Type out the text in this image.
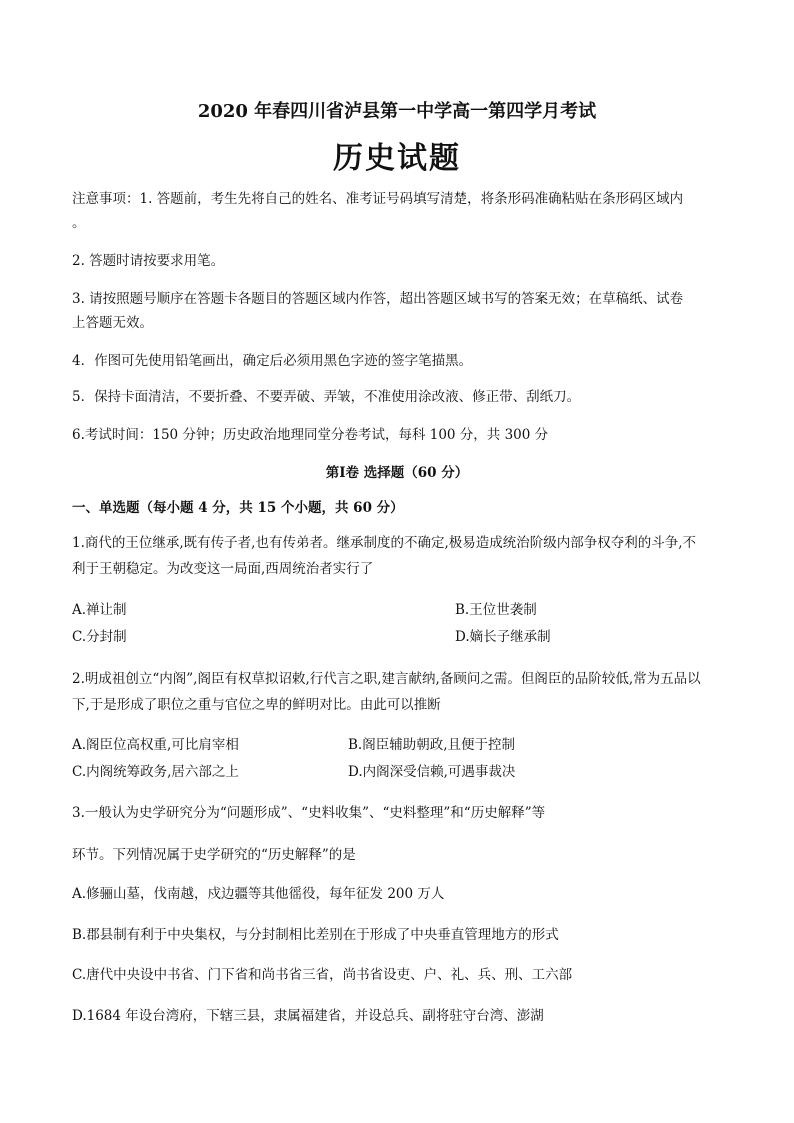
2020 年春四川省泸县第一中学高一第四学月考试
历史试题
注意事项：1. 答题前，考生先将自己的姓名、准考证号码填写清楚，将条形码准确粘贴在条形码区域内
。
2. 答题时请按要求用笔。
3. 请按照题号顺序在答题卡各题目的答题区域内作答，超出答题区域书写的答案无效；在草稿纸、试卷
上答题无效。
4．作图可先使用铅笔画出，确定后必须用黑色字迹的签字笔描黑。
5．保持卡面清洁，不要折叠、不要弄破、弄皱，不准使用涂改液、修正带、刮纸刀。
6.考试时间：150 分钟；历史政治地理同堂分卷考试，每科 100 分，共 300 分
第Ⅰ卷 选择题（60 分）
一、单选题（每小题 4 分，共 15 个小题，共 60 分）
1.商代的王位继承,既有传子者,也有传弟者。继承制度的不确定,极易造成统治阶级内部争权夺利的斗争,不
利于王朝稳定。为改变这一局面,西周统治者实行了
A.禅让制	B.王位世袭制
C.分封制	D.嫡长子继承制
2.明成祖创立“内阁”,阁臣有权草拟诏敕,行代言之职,建言献纳,备顾问之需。但阁臣的品阶较低,常为五品以
下,于是形成了职位之重与官位之卑的鲜明对比。由此可以推断
A.阁臣位高权重,可比肩宰相	B.阁臣辅助朝政,且便于控制
C.内阁统筹政务,居六部之上	D.内阁深受信赖,可遇事裁决
3.一般认为史学研究分为“问题形成”、“史料收集”、“史料整理”和“历史解释”等
环节。下列情况属于史学研究的“历史解释”的是
A.修骊山墓，伐南越，戍边疆等其他徭役，每年征发 200 万人
B.郡县制有利于中央集权，与分封制相比差别在于形成了中央垂直管理地方的形式
C.唐代中央设中书省、门下省和尚书省三省，尚书省设吏、户、礼、兵、刑、工六部
D.1684 年设台湾府，下辖三县，隶属福建省，并设总兵、副将驻守台湾、澎湖
